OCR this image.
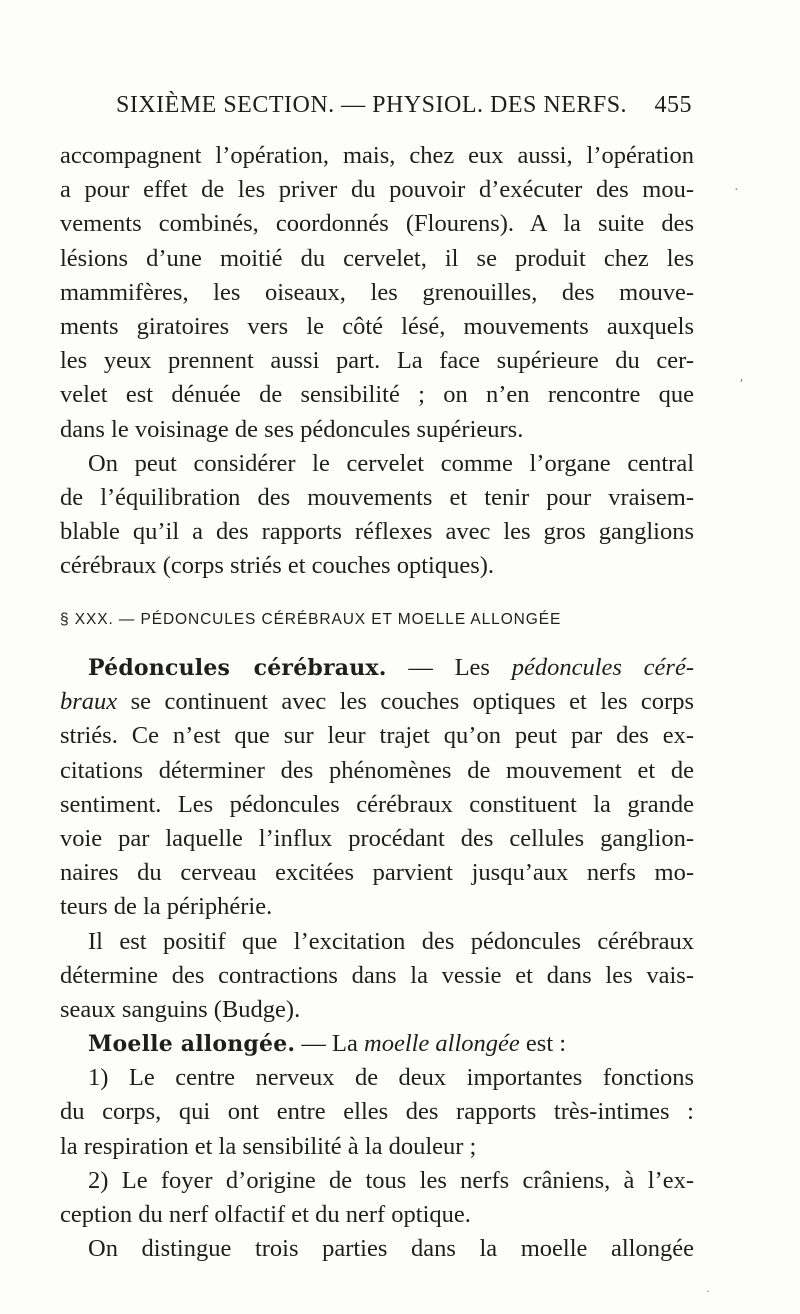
SIXIÈME SECTION. — PHYSIOL. DES NERFS. 455
accompagnent l’opération, mais, chez eux aussi, l’opération
a pour effet de les priver du pouvoir d’exécuter des mou-
vements combinés, coordonnés (Flourens). A la suite des
lésions d’une moitié du cervelet, il se produit chez les
mammifères, les oiseaux, les grenouilles, des mouve-
ments giratoires vers le côté lésé, mouvements auxquels
les yeux prennent aussi part. La face supérieure du cer-
velet est dénuée de sensibilité ; on n’en rencontre que
dans le voisinage de ses pédoncules supérieurs.
On peut considérer le cervelet comme l’organe central
de l’équilibration des mouvements et tenir pour vraisem-
blable qu’il a des rapports réflexes avec les gros ganglions
cérébraux (corps striés et couches optiques).
§ XXX. — PÉDONCULES CÉRÉBRAUX ET MOELLE ALLONGÉE
Pédoncules cérébraux. — Les pédoncules céré-
braux se continuent avec les couches optiques et les corps
striés. Ce n’est que sur leur trajet qu’on peut par des ex-
citations déterminer des phénomènes de mouvement et de
sentiment. Les pédoncules cérébraux constituent la grande
voie par laquelle l’influx procédant des cellules ganglion-
naires du cerveau excitées parvient jusqu’aux nerfs mo-
teurs de la périphérie.
Il est positif que l’excitation des pédoncules cérébraux
détermine des contractions dans la vessie et dans les vais-
seaux sanguins (Budge).
Moelle allongée. — La moelle allongée est :
1) Le centre nerveux de deux importantes fonctions
du corps, qui ont entre elles des rapports très-intimes :
la respiration et la sensibilité à la douleur ;
2) Le foyer d’origine de tous les nerfs crâniens, à l’ex-
ception du nerf olfactif et du nerf optique.
On distingue trois parties dans la moelle allongée
·
′
·
